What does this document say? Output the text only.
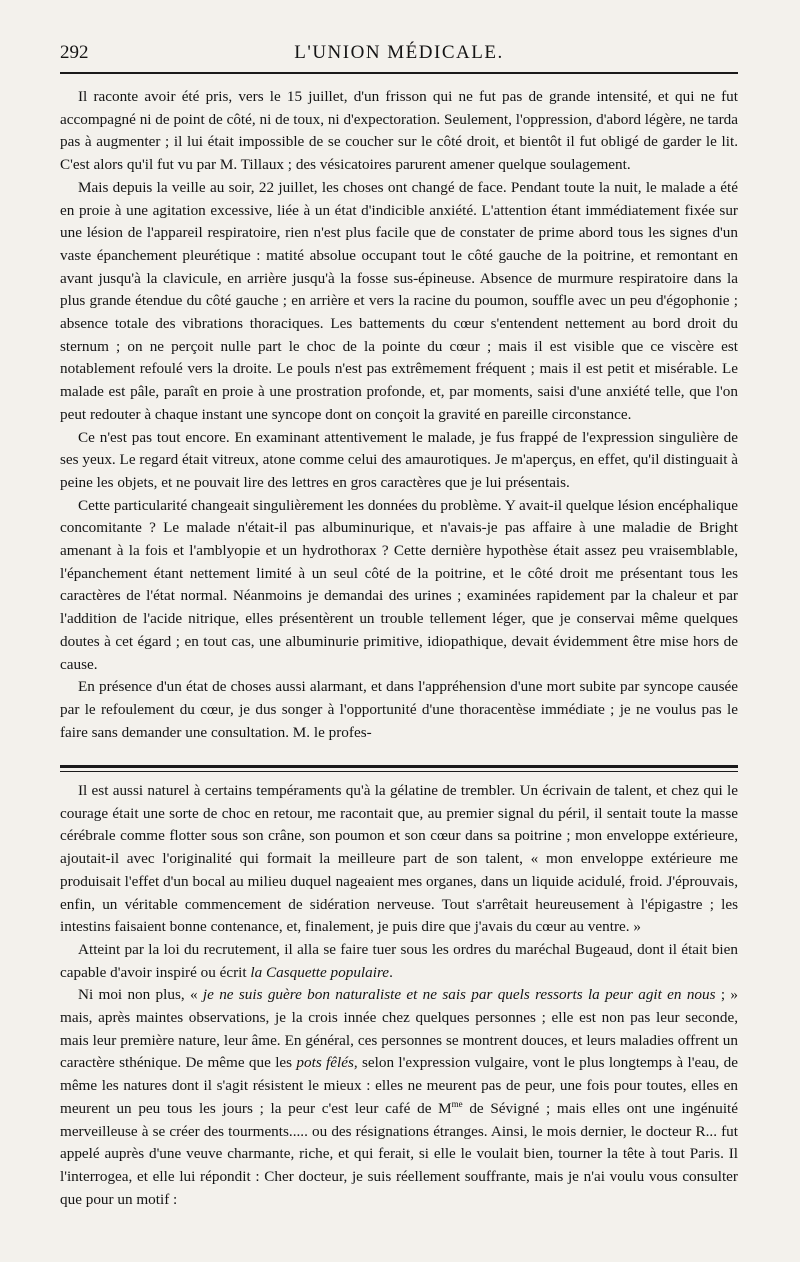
292	L'UNION MÉDICALE.

Il raconte avoir été pris, vers le 15 juillet, d'un frisson qui ne fut pas de grande intensité, et qui ne fut accompagné ni de point de côté, ni de toux, ni d'expectoration. Seulement, l'oppression, d'abord légère, ne tarda pas à augmenter ; il lui était impossible de se coucher sur le côté droit, et bientôt il fut obligé de garder le lit. C'est alors qu'il fut vu par M. Tillaux ; des vésicatoires parurent amener quelque soulagement.

Mais depuis la veille au soir, 22 juillet, les choses ont changé de face. Pendant toute la nuit, le malade a été en proie à une agitation excessive, liée à un état d'indicible anxiété. L'attention étant immédiatement fixée sur une lésion de l'appareil respiratoire, rien n'est plus facile que de constater de prime abord tous les signes d'un vaste épanchement pleurétique : matité absolue occupant tout le côté gauche de la poitrine, et remontant en avant jusqu'à la clavicule, en arrière jusqu'à la fosse sus-épineuse. Absence de murmure respiratoire dans la plus grande étendue du côté gauche ; en arrière et vers la racine du poumon, souffle avec un peu d'égophonie ; absence totale des vibrations thoraciques. Les battements du cœur s'entendent nettement au bord droit du sternum ; on ne perçoit nulle part le choc de la pointe du cœur ; mais il est visible que ce viscère est notablement refoulé vers la droite. Le pouls n'est pas extrêmement fréquent ; mais il est petit et misérable. Le malade est pâle, paraît en proie à une prostration profonde, et, par moments, saisi d'une anxiété telle, que l'on peut redouter à chaque instant une syncope dont on conçoit la gravité en pareille circonstance.

Ce n'est pas tout encore. En examinant attentivement le malade, je fus frappé de l'expression singulière de ses yeux. Le regard était vitreux, atone comme celui des amaurotiques. Je m'aperçus, en effet, qu'il distinguait à peine les objets, et ne pouvait lire des lettres en gros caractères que je lui présentais.

Cette particularité changeait singulièrement les données du problème. Y avait-il quelque lésion encéphalique concomitante ? Le malade n'était-il pas albuminurique, et n'avais-je pas affaire à une maladie de Bright amenant à la fois et l'amblyopie et un hydrothorax ? Cette dernière hypothèse était assez peu vraisemblable, l'épanchement étant nettement limité à un seul côté de la poitrine, et le côté droit me présentant tous les caractères de l'état normal. Néanmoins je demandai des urines ; examinées rapidement par la chaleur et par l'addition de l'acide nitrique, elles présentèrent un trouble tellement léger, que je conservai même quelques doutes à cet égard ; en tout cas, une albuminurie primitive, idiopathique, devait évidemment être mise hors de cause.

En présence d'un état de choses aussi alarmant, et dans l'appréhension d'une mort subite par syncope causée par le refoulement du cœur, je dus songer à l'opportunité d'une thoracentèse immédiate ; je ne voulus pas le faire sans demander une consultation. M. le profes-

Il est aussi naturel à certains tempéraments qu'à la gélatine de trembler. Un écrivain de talent, et chez qui le courage était une sorte de choc en retour, me racontait que, au premier signal du péril, il sentait toute la masse cérébrale comme flotter sous son crâne, son poumon et son cœur dans sa poitrine ; mon enveloppe extérieure, ajoutait-il avec l'originalité qui formait la meilleure part de son talent, « mon enveloppe extérieure me produisait l'effet d'un bocal au milieu duquel nageaient mes organes, dans un liquide acidulé, froid. J'éprouvais, enfin, un véritable commencement de sidération nerveuse. Tout s'arrêtait heureusement à l'épigastre ; les intestins faisaient bonne contenance, et, finalement, je puis dire que j'avais du cœur au ventre. »

Atteint par la loi du recrutement, il alla se faire tuer sous les ordres du maréchal Bugeaud, dont il était bien capable d'avoir inspiré ou écrit la Casquette populaire.

Ni moi non plus, « je ne suis guère bon naturaliste et ne sais par quels ressorts la peur agit en nous ; » mais, après maintes observations, je la crois innée chez quelques personnes ; elle est non pas leur seconde, mais leur première nature, leur âme. En général, ces personnes se montrent douces, et leurs maladies offrent un caractère sthénique. De même que les pots fêlés, selon l'expression vulgaire, vont le plus longtemps à l'eau, de même les natures dont il s'agit résistent le mieux : elles ne meurent pas de peur, une fois pour toutes, elles en meurent un peu tous les jours ; la peur c'est leur café de $M^{me}$ de Sévigné ; mais elles ont une ingénuité merveilleuse à se créer des tourments..... ou des résignations étranges. Ainsi, le mois dernier, le docteur R... fut appelé auprès d'une veuve charmante, riche, et qui ferait, si elle le voulait bien, tourner la tête à tout Paris. Il l'interrogea, et elle lui répondit : Cher docteur, je suis réellement souffrante, mais je n'ai voulu vous consulter que pour un motif :
